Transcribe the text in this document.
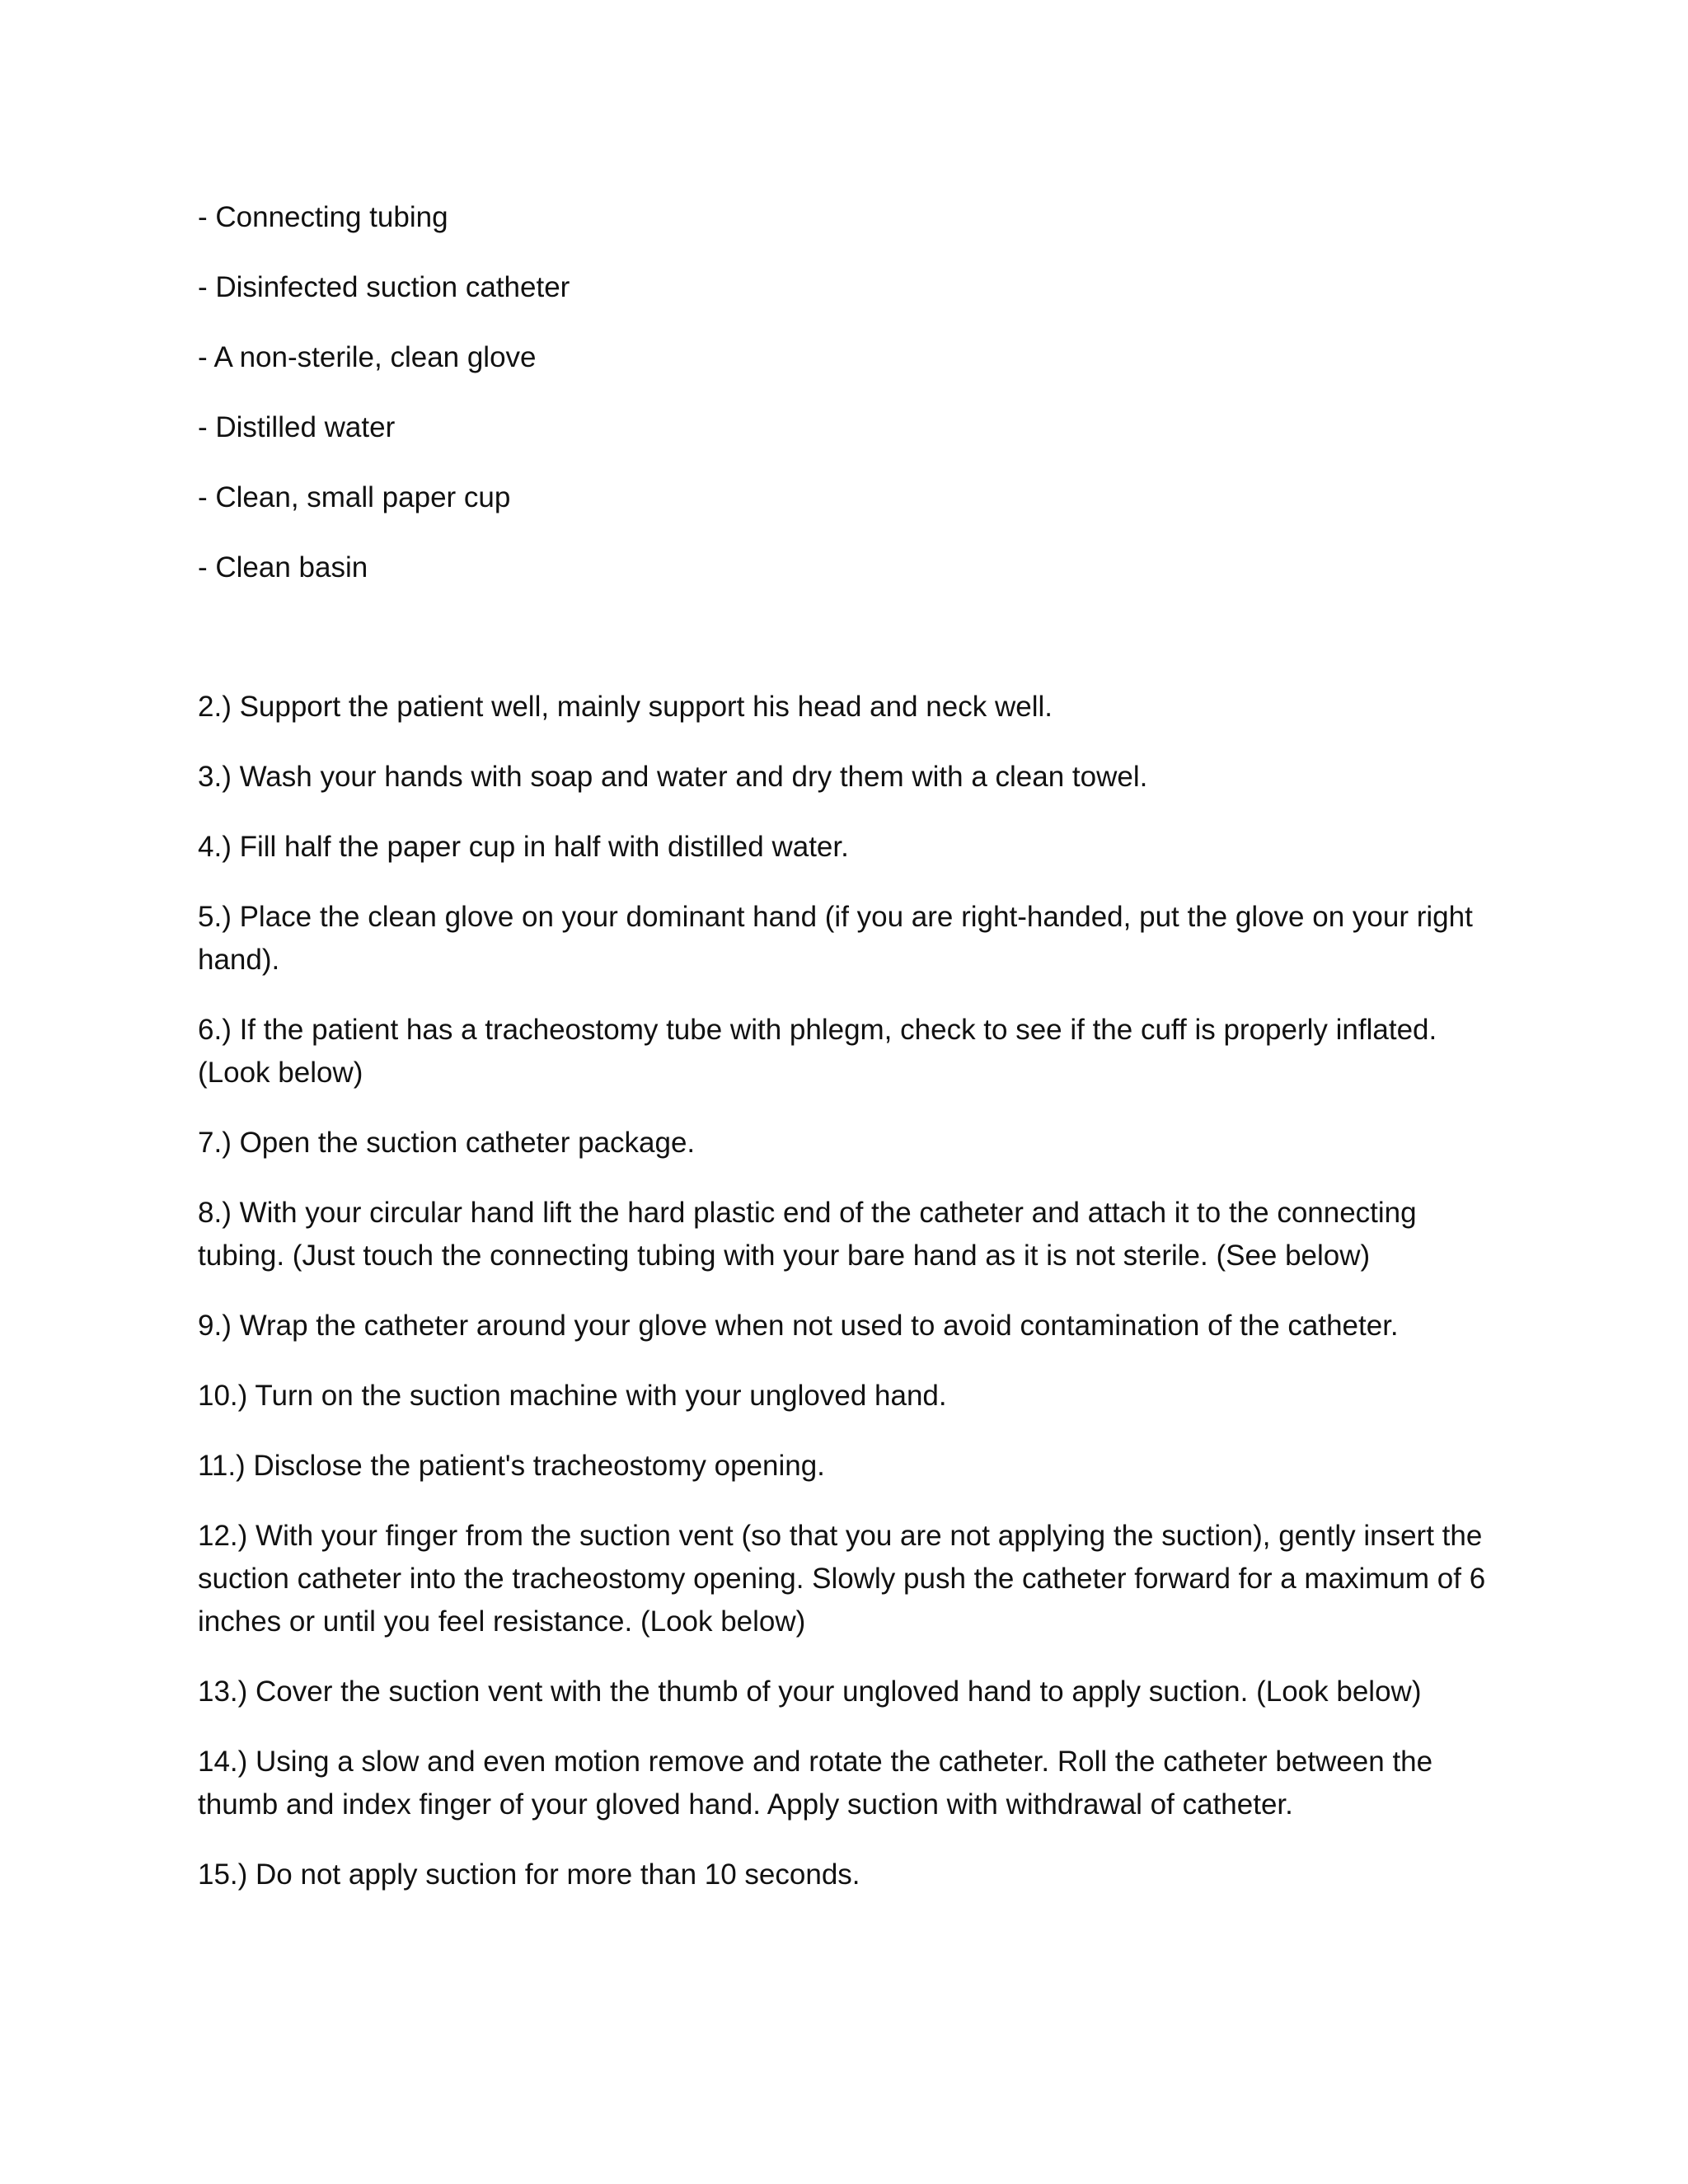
- Connecting tubing

- Disinfected suction catheter

- A non-sterile, clean glove

- Distilled water

- Clean, small paper cup

- Clean basin

2.) Support the patient well, mainly support his head and neck well.

3.) Wash your hands with soap and water and dry them with a clean towel.

4.) Fill half the paper cup in half with distilled water.

5.) Place the clean glove on your dominant hand (if you are right-handed, put the glove on your right hand).

6.) If the patient has a tracheostomy tube with phlegm, check to see if the cuff is properly inflated. (Look below)

7.) Open the suction catheter package.

8.) With your circular hand lift the hard plastic end of the catheter and attach it to the connecting tubing. (Just touch the connecting tubing with your bare hand as it is not sterile. (See below)

9.) Wrap the catheter around your glove when not used to avoid contamination of the catheter.

10.) Turn on the suction machine with your ungloved hand.

11.) Disclose the patient's tracheostomy opening.

12.) With your finger from the suction vent (so that you are not applying the suction), gently insert the suction catheter into the tracheostomy opening. Slowly push the catheter forward for a maximum of 6 inches or until you feel resistance. (Look below)

13.) Cover the suction vent with the thumb of your ungloved hand to apply suction. (Look below)

14.) Using a slow and even motion remove and rotate the catheter. Roll the catheter between the thumb and index finger of your gloved hand. Apply suction with withdrawal of catheter.

15.) Do not apply suction for more than 10 seconds.
